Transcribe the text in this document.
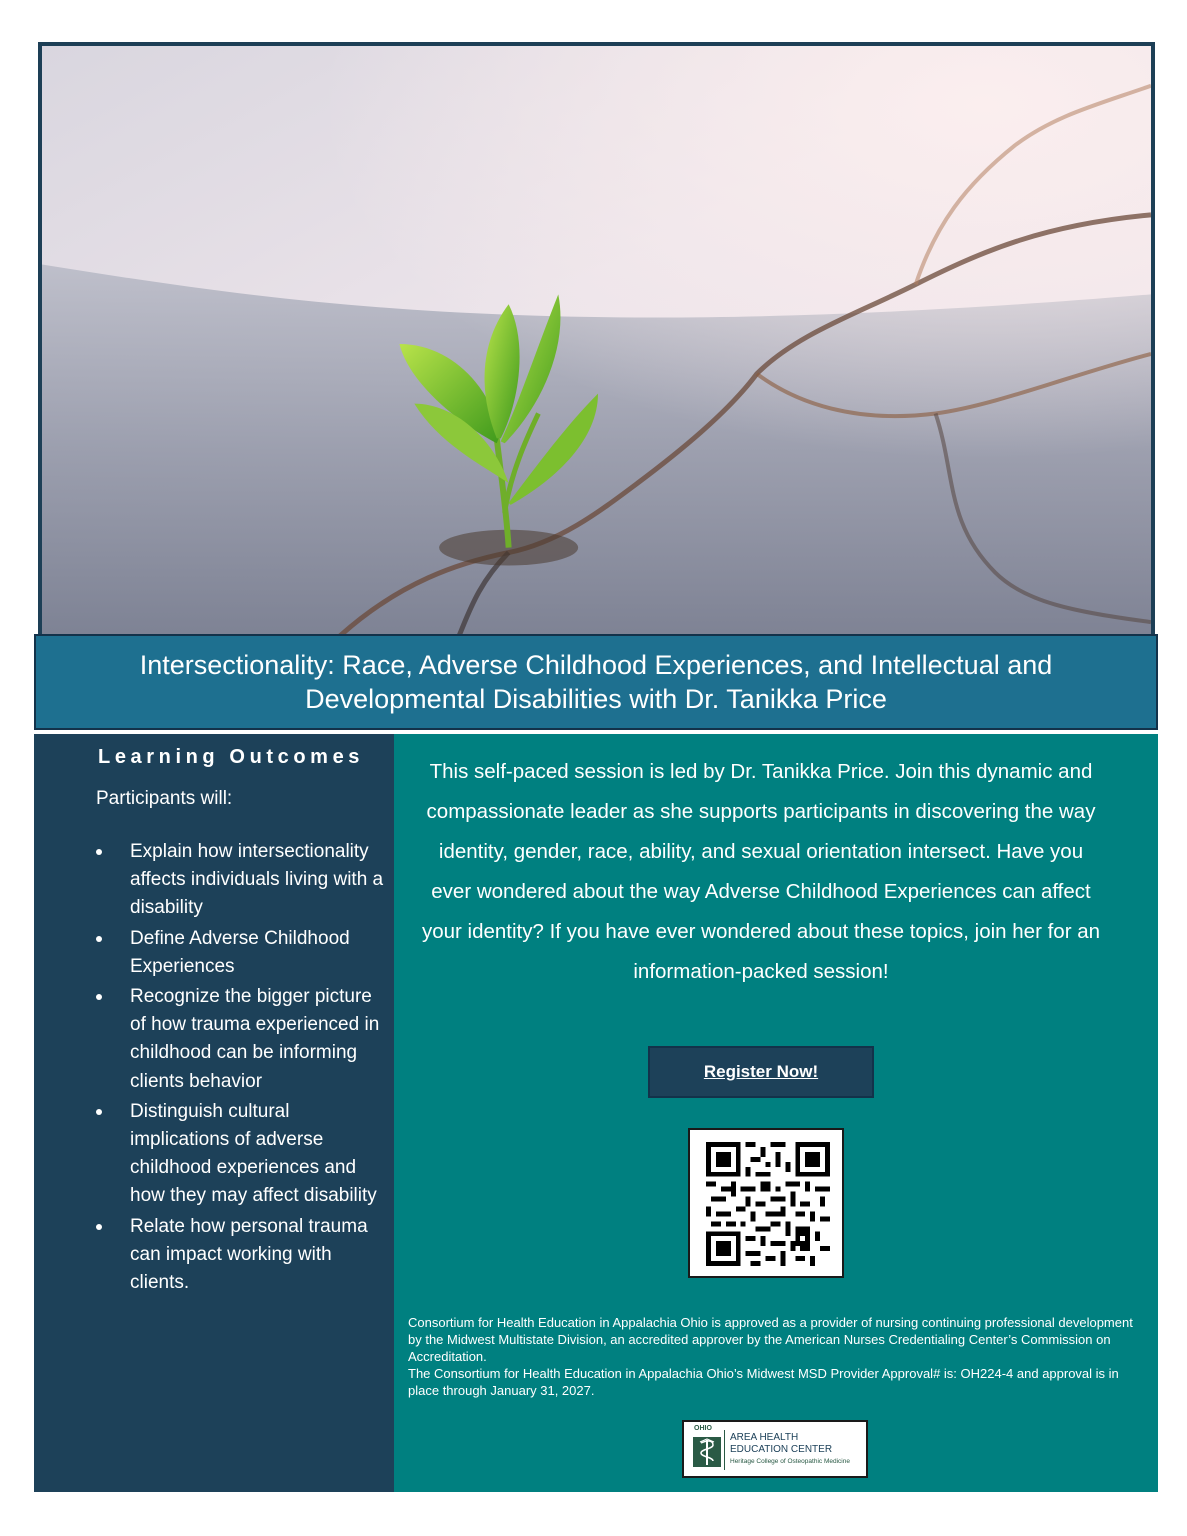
Intersectionality: Race, Adverse Childhood Experiences, and Intellectual and Developmental Disabilities with Dr. Tanikka Price
Learning Outcomes
Participants will:
Explain how intersectionality affects individuals living with a disability
Define Adverse Childhood Experiences
Recognize the bigger picture of how trauma experienced in childhood can be informing clients behavior
Distinguish cultural implications of adverse childhood experiences and how they may affect disability
Relate how personal trauma can impact working with clients.

This self-paced session is led by Dr. Tanikka Price. Join this dynamic and compassionate leader as she supports participants in discovering the way identity, gender, race, ability, and sexual orientation intersect. Have you ever wondered about the way Adverse Childhood Experiences can affect your identity? If you have ever wondered about these topics, join her for an information-packed session!

Register Now!

Consortium for Health Education in Appalachia Ohio is approved as a provider of nursing continuing professional development by the Midwest Multistate Division, an accredited approver by the American Nurses Credentialing Center’s Commission on Accreditation.
The Consortium for Health Education in Appalachia Ohio’s Midwest MSD Provider Approval# is: OH224-4 and approval is in place through January 31, 2027.

OHIO
AREA HEALTH
EDUCATION CENTER
Heritage College of Osteopathic Medicine
